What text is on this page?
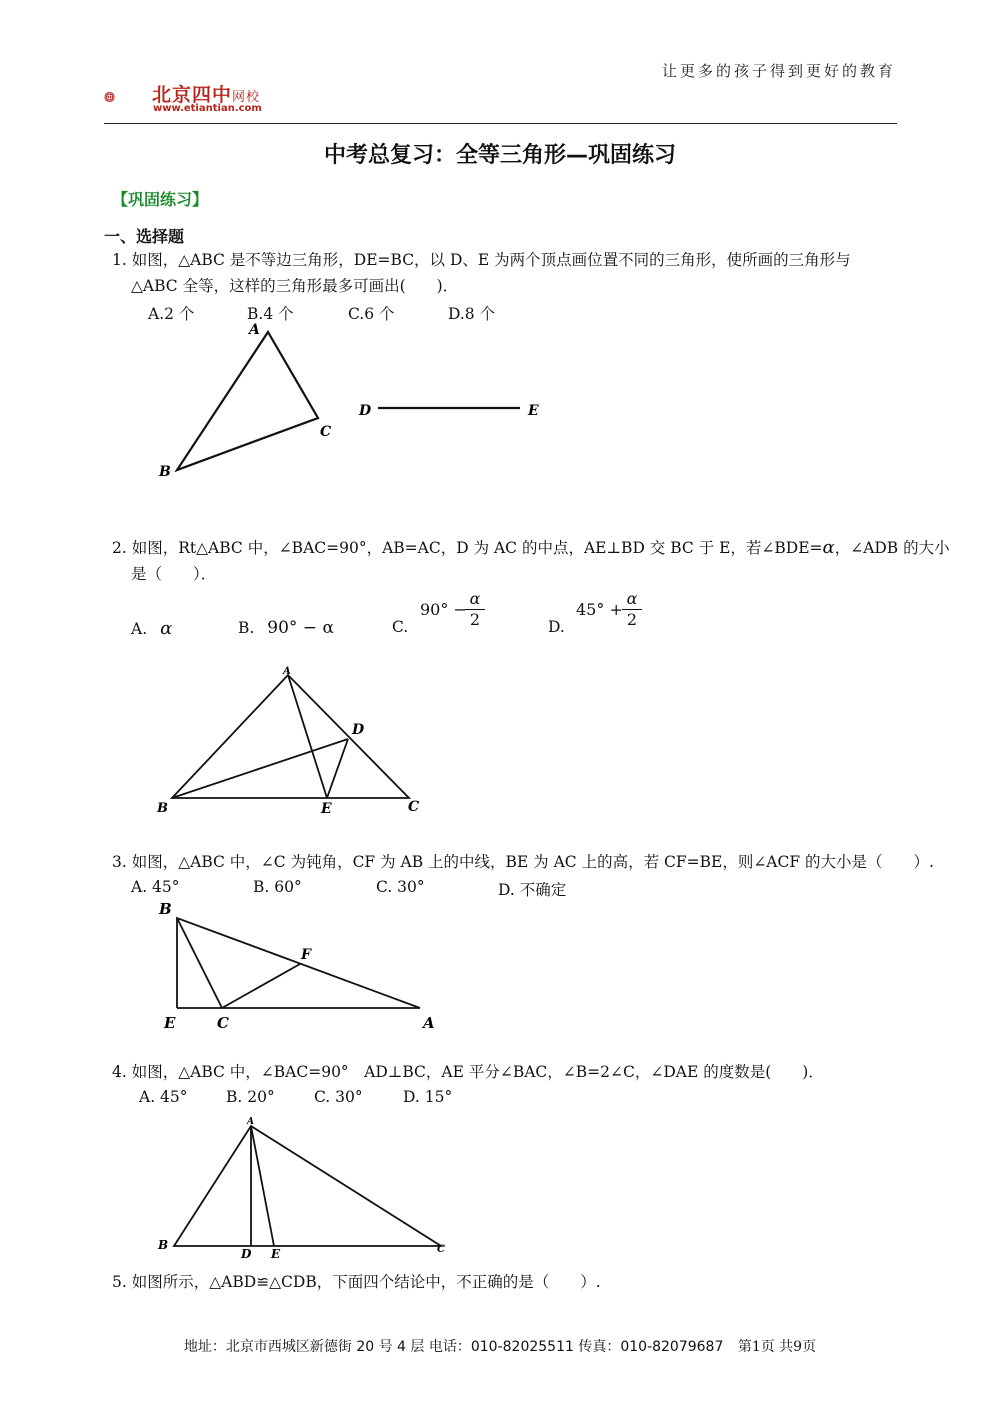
让更多的孩子得到更好的教育
北京四中网校
www.etiantian.com
中考总复习：全等三角形—巩固练习
【巩固练习】
一、选择题
1. 如图，△ABC 是不等边三角形，DE=BC，以 D、E 为两个顶点画位置不同的三角形，使所画的三角形与
△ABC 全等，这样的三角形最多可画出(　　)．
A.2 个	B.4 个	C.6 个	D.8 个
A
B
C
D	E
2. 如图，Rt△ABC 中，∠BAC=90°，AB=AC，D 为 AC 的中点，AE⊥BD 交 BC 于 E，若∠BDE=α，∠ADB 的大小
是（　　）．
A. α	B. 90° − α	C.
90° −
α
2	D.
45° +
α
2
A
D
B	E	C
3. 如图，△ABC 中，∠C 为钝角，CF 为 AB 上的中线，BE 为 AC 上的高，若 CF=BE，则∠ACF 的大小是（　　）.
A. 45°	B. 60°	C. 30°	D. 不确定
B
F
E	C	A
4. 如图，△ABC 中，∠BAC=90°　AD⊥BC，AE 平分∠BAC，∠B=2∠C，∠DAE 的度数是(　　)．
A. 45° B. 20°	C. 30°	D. 15°
A
B
D E	C
5. 如图所示，△ABD≌△CDB，下面四个结论中，不正确的是（　　）.
地址：北京市西城区新德街 20 号 4 层 电话：010-82025511 传真：010-82079687 第1页 共9页
